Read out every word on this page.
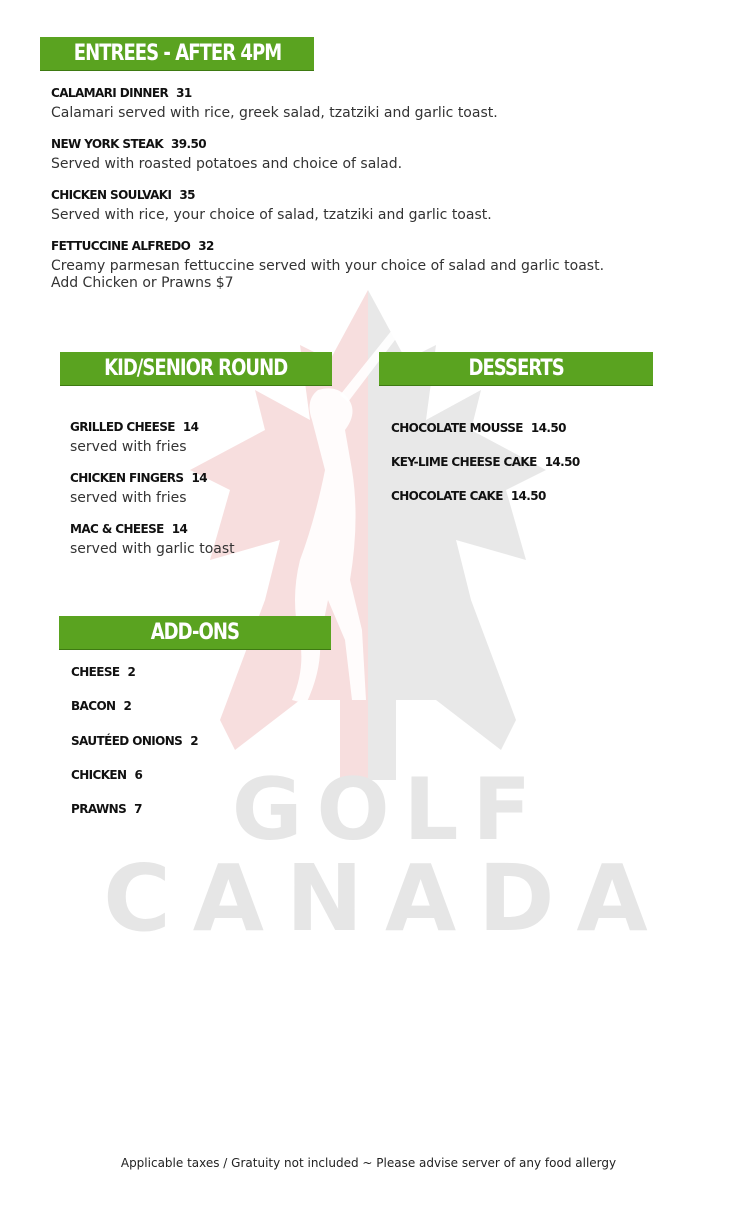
GOLF
CANADA
ENTREES - AFTER 4PM
CALAMARI DINNER 31
Calamari served with rice, greek salad, tzatziki and garlic toast.
NEW YORK STEAK 39.50
Served with roasted potatoes and choice of salad.
CHICKEN SOULVAKI 35
Served with rice, your choice of salad, tzatziki and garlic toast.
FETTUCCINE ALFREDO 32
Creamy parmesan fettuccine served with your choice of salad and garlic toast.
Add Chicken or Prawns $7
KID/SENIOR ROUND
GRILLED CHEESE 14
served with fries
CHICKEN FINGERS 14
served with fries
MAC & CHEESE 14
served with garlic toast
DESSERTS
CHOCOLATE MOUSSE 14.50
KEY-LIME CHEESE CAKE 14.50
CHOCOLATE CAKE 14.50
ADD-ONS
CHEESE 2
BACON 2
SAUTÉED ONIONS 2
CHICKEN 6
PRAWNS 7
Applicable taxes / Gratuity not included ~ Please advise server of any food allergy
